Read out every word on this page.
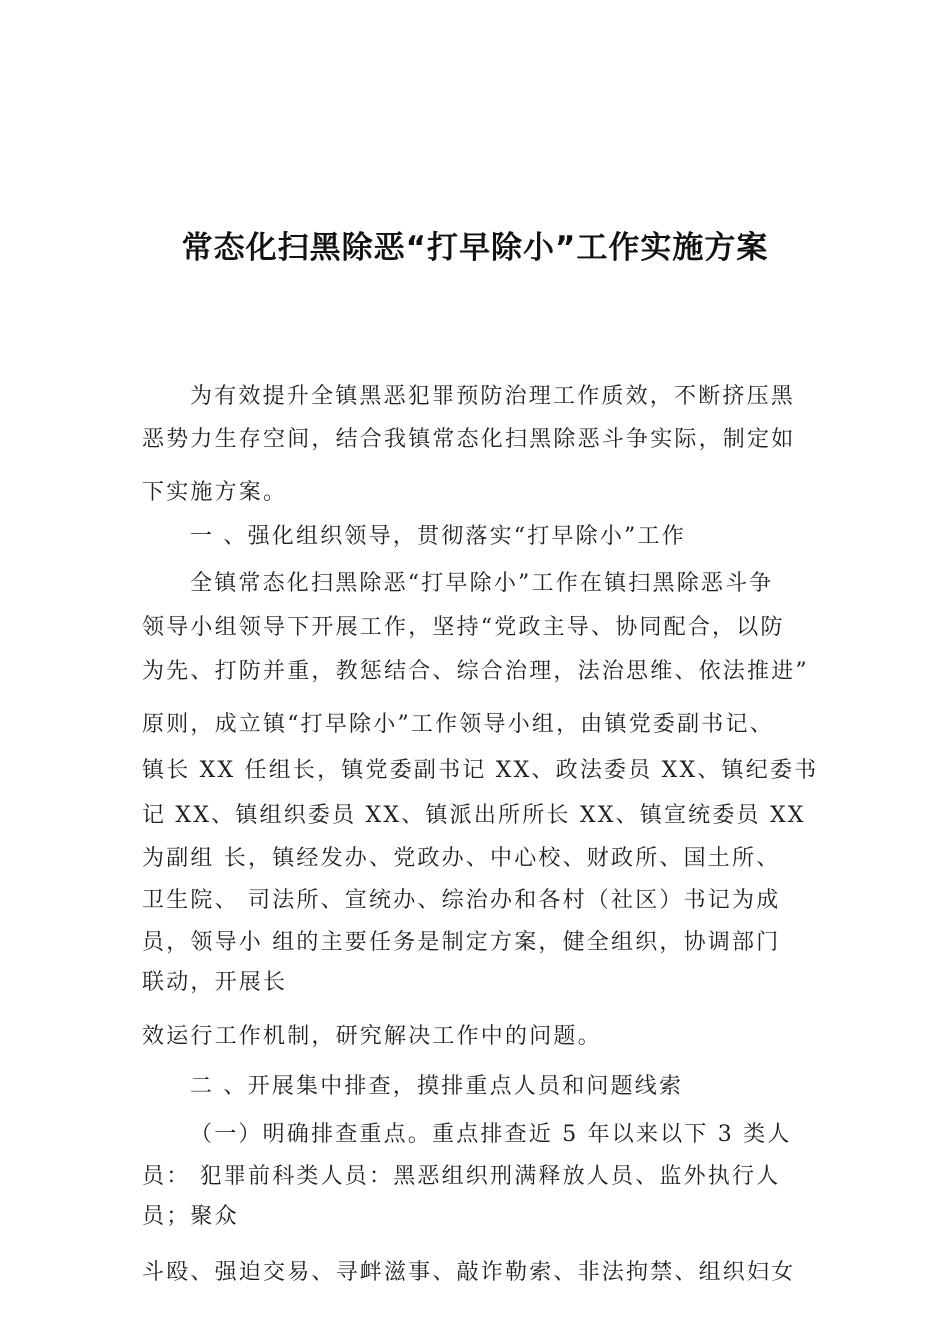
常态化扫黑除恶“打早除小”工作实施方案
为有效提升全镇黑恶犯罪预防治理工作质效，不断挤压黑
恶势力生存空间，结合我镇常态化扫黑除恶斗争实际，制定如
下实施方案。
一 、强化组织领导，贯彻落实“打早除小”工作
全镇常态化扫黑除恶“打早除小”工作在镇扫黑除恶斗争
领导小组领导下开展工作，坚持“党政主导、协同配合，以防
为先、打防并重，教惩结合、综合治理，法治思维、依法推进”
原则，成立镇“打早除小”工作领导小组，由镇党委副书记、
镇长 XX 任组长，镇党委副书记 XX、政法委员 XX、镇纪委书
记 XX、镇组织委员 XX、镇派出所所长 XX、镇宣统委员 XX
为副组 长，镇经发办、党政办、中心校、财政所、国土所、
卫生院、 司法所、宣统办、综治办和各村（社区）书记为成
员，领导小 组的主要任务是制定方案，健全组织，协调部门
联动，开展长
效运行工作机制，研究解决工作中的问题。
二 、开展集中排查，摸排重点人员和问题线索
（一）明确排查重点。重点排查近 5 年以来以下 3 类人
员： 犯罪前科类人员：黑恶组织刑满释放人员、监外执行人
员；聚众
斗殴、强迫交易、寻衅滋事、敲诈勒索、非法拘禁、组织妇女
